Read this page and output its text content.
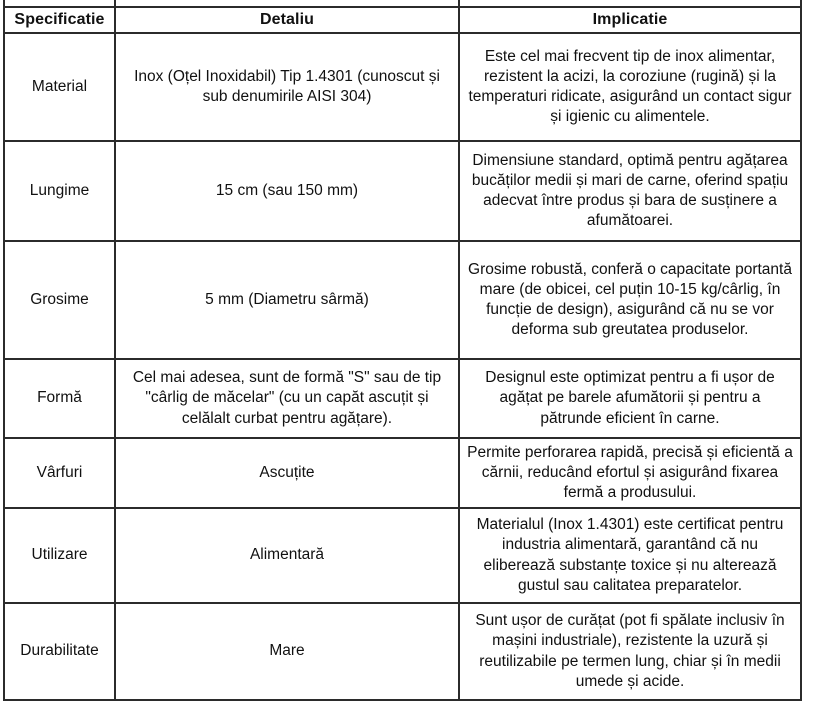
Specificatie	Detaliu	Implicatie
Material	Inox (Oțel Inoxidabil) Tip 1.4301 (cunoscut și sub denumirile AISI 304)	Este cel mai frecvent tip de inox alimentar, rezistent la acizi, la coroziune (rugină) și la temperaturi ridicate, asigurând un contact sigur și igienic cu alimentele.
Lungime	15 cm (sau 150 mm)	Dimensiune standard, optimă pentru agățarea bucăților medii și mari de carne, oferind spațiu adecvat între produs și bara de susținere a afumătoarei.
Grosime	5 mm (Diametru sârmă)	Grosime robustă, conferă o capacitate portantă mare (de obicei, cel puțin 10-15 kg/cârlig, în funcție de design), asigurând că nu se vor deforma sub greutatea produselor.
Formă	Cel mai adesea, sunt de formă "S" sau de tip "cârlig de măcelar" (cu un capăt ascuțit și celălalt curbat pentru agățare).	Designul este optimizat pentru a fi ușor de agățat pe barele afumătorii și pentru a pătrunde eficient în carne.
Vârfuri	Ascuțite	Permite perforarea rapidă, precisă și eficientă a cărnii, reducând efortul și asigurând fixarea fermă a produsului.
Utilizare	Alimentară	Materialul (Inox 1.4301) este certificat pentru industria alimentară, garantând că nu eliberează substanțe toxice și nu alterează gustul sau calitatea preparatelor.
Durabilitate	Mare	Sunt ușor de curățat (pot fi spălate inclusiv în mașini industriale), rezistente la uzură și reutilizabile pe termen lung, chiar și în medii umede și acide.
